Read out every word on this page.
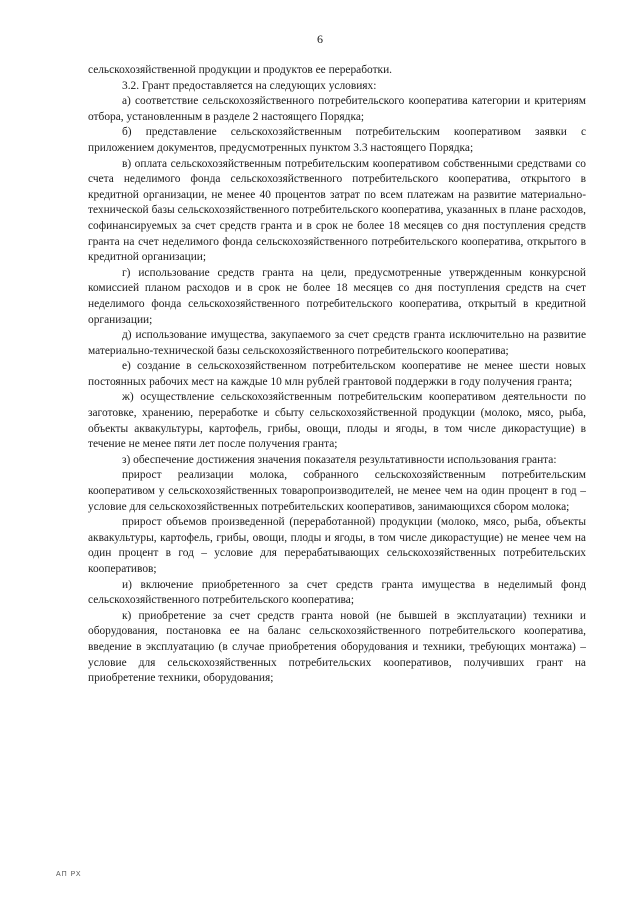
6

сельскохозяйственной продукции и продуктов ее переработки.

3.2. Грант предоставляется на следующих условиях:

а) соответствие сельскохозяйственного потребительского кооператива категории и критериям отбора, установленным в разделе 2 настоящего Порядка;

б) представление сельскохозяйственным потребительским кооперативом заявки с приложением документов, предусмотренных пунктом 3.3 настоящего Порядка;

в) оплата сельскохозяйственным потребительским кооперативом собственными средствами со счета неделимого фонда сельскохозяйственного потребительского кооператива, открытого в кредитной организации, не менее 40 процентов затрат по всем платежам на развитие материально-технической базы сельскохозяйственного потребительского кооператива, указанных в плане расходов, софинансируемых за счет средств гранта и в срок не более 18 месяцев со дня поступления средств гранта на счет неделимого фонда сельскохозяйственного потребительского кооператива, открытого в кредитной организации;

г) использование средств гранта на цели, предусмотренные утвержденным конкурсной комиссией планом расходов и в срок не более 18 месяцев со дня поступления средств на счет неделимого фонда сельскохозяйственного потребительского кооператива, открытый в кредитной организации;

д) использование имущества, закупаемого за счет средств гранта исключительно на развитие материально-технической базы сельскохозяйственного потребительского кооператива;

е) создание в сельскохозяйственном потребительском кооперативе не менее шести новых постоянных рабочих мест на каждые 10 млн рублей грантовой поддержки в году получения гранта;

ж) осуществление сельскохозяйственным потребительским кооперативом деятельности по заготовке, хранению, переработке и сбыту сельскохозяйственной продукции (молоко, мясо, рыба, объекты аквакультуры, картофель, грибы, овощи, плоды и ягоды, в том числе дикорастущие) в течение не менее пяти лет после получения гранта;

з) обеспечение достижения значения показателя результативности использования гранта:

прирост реализации молока, собранного сельскохозяйственным потребительским кооперативом у сельскохозяйственных товаропроизводителей, не менее чем на один процент в год – условие для сельскохозяйственных потребительских кооперативов, занимающихся сбором молока;

прирост объемов произведенной (переработанной) продукции (молоко, мясо, рыба, объекты аквакультуры, картофель, грибы, овощи, плоды и ягоды, в том числе дикорастущие) не менее чем на один процент в год – условие для перерабатывающих сельскохозяйственных потребительских кооперативов;

и) включение приобретенного за счет средств гранта имущества в неделимый фонд сельскохозяйственного потребительского кооператива;

к) приобретение за счет средств гранта новой (не бывшей в эксплуатации) техники и оборудования, постановка ее на баланс сельскохозяйственного потребительского кооператива, введение в эксплуатацию (в случае приобретения оборудования и техники, требующих монтажа) – условие для сельскохозяйственных потребительских кооперативов, получивших грант на приобретение техники, оборудования;

АП РХ
